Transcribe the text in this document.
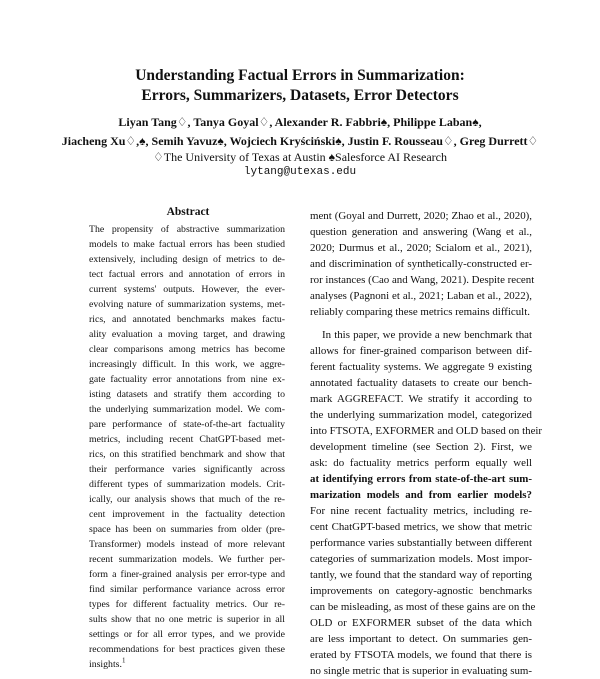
Understanding Factual Errors in Summarization:
Errors, Summarizers, Datasets, Error Detectors
Liyan Tang♢, Tanya Goyal♢, Alexander R. Fabbri♠, Philippe Laban♠,
Jiacheng Xu♢,♠, Semih Yavuz♠, Wojciech Kryściński♠, Justin F. Rousseau♢, Greg Durrett♢
♢The University of Texas at Austin ♠Salesforce AI Research
lytang@utexas.edu
Abstract
The propensity of abstractive summarization
models to make factual errors has been studied
extensively, including design of metrics to de-
tect factual errors and annotation of errors in
current systems' outputs. However, the ever-
evolving nature of summarization systems, met-
rics, and annotated benchmarks makes factu-
ality evaluation a moving target, and drawing
clear comparisons among metrics has become
increasingly difficult. In this work, we aggre-
gate factuality error annotations from nine ex-
isting datasets and stratify them according to
the underlying summarization model. We com-
pare performance of state-of-the-art factuality
metrics, including recent ChatGPT-based met-
rics, on this stratified benchmark and show that
their performance varies significantly across
different types of summarization models. Crit-
ically, our analysis shows that much of the re-
cent improvement in the factuality detection
space has been on summaries from older (pre-
Transformer) models instead of more relevant
recent summarization models. We further per-
form a finer-grained analysis per error-type and
find similar performance variance across error
types for different factuality metrics. Our re-
sults show that no one metric is superior in all
settings or for all error types, and we provide
recommendations for best practices given these
insights.$^1$
ment (Goyal and Durrett, 2020; Zhao et al., 2020),
question generation and answering (Wang et al.,
2020; Durmus et al., 2020; Scialom et al., 2021),
and discrimination of synthetically-constructed er-
ror instances (Cao and Wang, 2021). Despite recent
analyses (Pagnoni et al., 2021; Laban et al., 2022),
reliably comparing these metrics remains difficult.
In this paper, we provide a new benchmark that
allows for finer-grained comparison between dif-
ferent factuality systems. We aggregate 9 existing
annotated factuality datasets to create our bench-
mark AGGREFACT. We stratify it according to
the underlying summarization model, categorized
into FTSOTA, EXFORMER and OLD based on their
development timeline (see Section 2). First, we
ask: do factuality metrics perform equally well
at identifying errors from state-of-the-art sum-
marization models and from earlier models?
For nine recent factuality metrics, including re-
cent ChatGPT-based metrics, we show that metric
performance varies substantially between different
categories of summarization models. Most impor-
tantly, we found that the standard way of reporting
improvements on category-agnostic benchmarks
can be misleading, as most of these gains are on the
OLD or EXFORMER subset of the data which
are less important to detect. On summaries gen-
erated by FTSOTA models, we found that there is
no single metric that is superior in evaluating sum-
